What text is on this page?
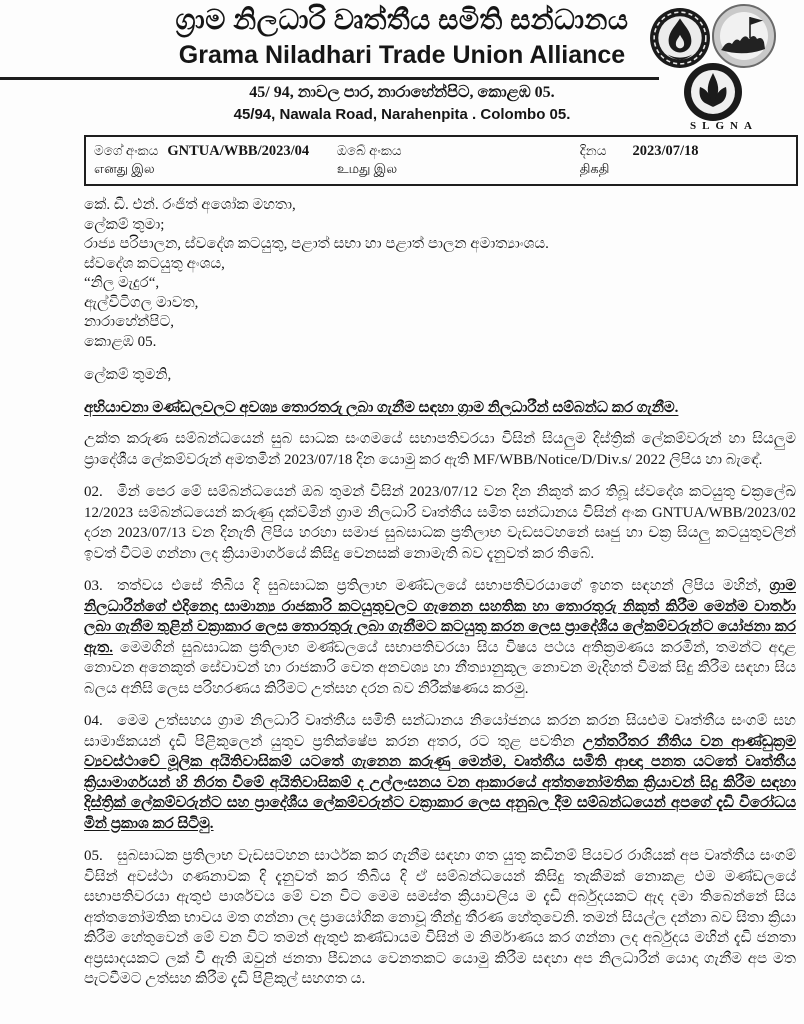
ග්‍රාම නිලධාරි වෘත්තීය සමිති සන්ධානය
Grama Niladhari Trade Union Alliance
45/ 94, නාවල පාර, නාරාහේන්පිට, කොළඹ 05.
45/94, Nawala Road, Narahenpita . Colombo 05.
SLGNA
මගේ අංකය GNTUA/WBB/2023/04
எனது இல
ඔබේ අංකය
உமது இல
දිනය 2023/07/18
திகதி
කේ. ඩී. එන්. රංජිත් අශෝක මහතා,
ලේකම් තුමා;
රාජ්‍ය පරිපාලන, ස්වදේශ කටයුතු, පළාත් සභා හා පළාත් පාලන අමාත්‍යාංශය.
ස්වදේශ කටයුතු අංශය,
“නිල මැදුර“,
ඇල්විටිගල මාවත,
නාරාහේන්පිට,
කොළඹ 05.
ලේකම් තුමනි,
අභියාචනා මණ්ඩලවලට අවශ්‍ය තොරතරු ලබා ගැනීම සඳහා ග්‍රාම නිලධාරීන් සම්බන්ධ කර ගැනීම.

උක්ත කරුණ සම්බන්ධයෙන් සුබ සාධක සංගමයේ සභාපතිවරයා විසින් සියලුම දිස්ත්‍රික් ලේකම්වරුන් හා සියලුම ප්‍රාදේශීය ලේකම්වරුන් අමතමින් 2023/07/18 දින යොමු කර ඇති MF/WBB/Notice/D/Div.s/ 2022 ලිපිය හා බැඳේ.

02. මින් පෙර මේ සම්බන්ධයෙන් ඔබ තුමන් විසින් 2023/07/12 වන දින නිකුත් කර තිබූ ස්වදේශ කටයුතු චක්‍රලේඛ 12/2023 සම්බන්ධයෙන් කරුණු දක්වමින් ග්‍රාම නිලධාරි වෘත්තීය සමිත සන්ධානය විසින් අංක GNTUA/WBB/2023/02 දරන 2023/07/13 වන දිනැති ලිපිය හරහා සමාජ සුබසාධක ප්‍රතිලාභ වැඩසටහනේ සෘජු හා චක්‍ර සියලු කටයුතුවලින් ඉවත් වීටම ගන්නා ලද ක්‍රියාමාර්ගයේ කිසිදු වෙනසක් නොමැති බව දැනුවත් කර තිබේ.

03. තත්වය එසේ තිබිය දි සුබසාධක ප්‍රතිලාභ මණ්ඩලයේ සභාපතිවරයාගේ ඉහත සඳහන් ලිපිය මහින්, ග්‍රාම නිලධාරීන්ගේ එදිනෙදා සාමාන්‍ය රාජකාරි කටයුතුවලට ගැනෙන සහතික හා තොරතුරු නිකුත් කිරීම මෙන්ම වාර්තා ලබා ගැනීම තුළින් වක්‍රාකාර ලෙස තොරතුරු ලබා ගැනීමට කටයුතු කරන ලෙස ප්‍රාදේශීය ලේකම්වරුන්ට යෝජනා කර ඇත. මෙමගින් සුබසාධක ප්‍රතිලාභ මණ්ඩලයේ සභාපතිවරයා සිය විෂය පථය අතික්‍රමණය කරමින්, තමන්ට අදාළ නොවන අනෙකුත් සේවාවන් හා රාජකාරි වෙත අනවශ්‍ය හා නීත්‍යානුකූල නොවන මැදිහත් විමක් සිදු කිරීම සඳහා සිය බලය අනිසි ලෙස පරිහරණය කිරීමට උත්සහ දරන බව නිරීක්ෂණය කරමු.

04. මෙම උත්සහය ග්‍රාම නිලධාරි වෘත්තීය සමිති සන්ධානය නියෝජනය කරන කරන සියළුම වෘත්තීය සංගම් සහ සාමාජිකයන් දැඩි පිළිකුලෙන් යුතුව ප්‍රතික්ෂේප කරන අතර, රට තුළ පවතින උත්තරීතර නීතිය වන ආණ්ඩුක්‍රම ව්‍යවස්ථාවේ මූලික අයිතිවාසිකම් යටතේ ගැනෙන කරුණු මෙන්ම, වෘත්තීය සමිති ආඥා පනත යටතේ වෘත්තීය ක්‍රියාමාර්ගයන් හි නිරත වීමේ අයිතිවාසිකම් ද උල්ලංඝනය වන ආකාරයේ අත්තනෝමතික ක්‍රියාවන් සිදු කිරීම සඳහා දිස්ත්‍රික් ලේකම්වරුන්ට සහ ප්‍රාදේශීය ලේකම්වරුන්ට වක්‍රාකාර ලෙස අනුබල දීම සම්බන්ධයෙන් අපගේ දැඩි විරෝධය මින් ප්‍රකාශ කර සිටිමු.

05. සුබසාධක ප්‍රතිලාභ වැඩසටහන සාර්ථක කර ගැනීම සඳහා ගත යුතු කඩිනම් පියවර රාශියක් අප වෘත්තීය සංගම් විසින් අවස්ථා ගණනාවක දි දැනුවත් කර තිබිය දි ඒ සම්බන්ධයෙන් කිසිදු තැකීමක් නොකළ එම මණ්ඩලයේ සභාපතිවරයා ඇතුළු පාර්ශවය මේ වන විට මෙම සමස්ත ක්‍රියාවලිය ම දැඩි අර්බුදයකට ඇද දමා තිබෙන්නේ සිය අත්තනෝමතික භාවය මත ගන්නා ලද ප්‍රායෝගික නොවූ තීන්දු තීරණ හේතුවෙනි. තමන් සියල්ල දන්නා බව සිතා ක්‍රියා කිරීම හේතුවෙන් මේ වන විට තමන් ඇතුළු කණ්ඩායම විසින් ම නිර්මාණය කර ගන්නා ලද අර්බුදය මහින් දැඩි ජනතා අප්‍රසාදයකට ලක් වී ඇති ඔවුන් ජනතා පීඩනය වෙනතකට යොමු කිරීම සඳහා අප නිලධාරීන් යොදා ගැනීම අප මත පැටවීමට උත්සහ කිරීම දැඩි පිළිකුල් සහගත ය.
